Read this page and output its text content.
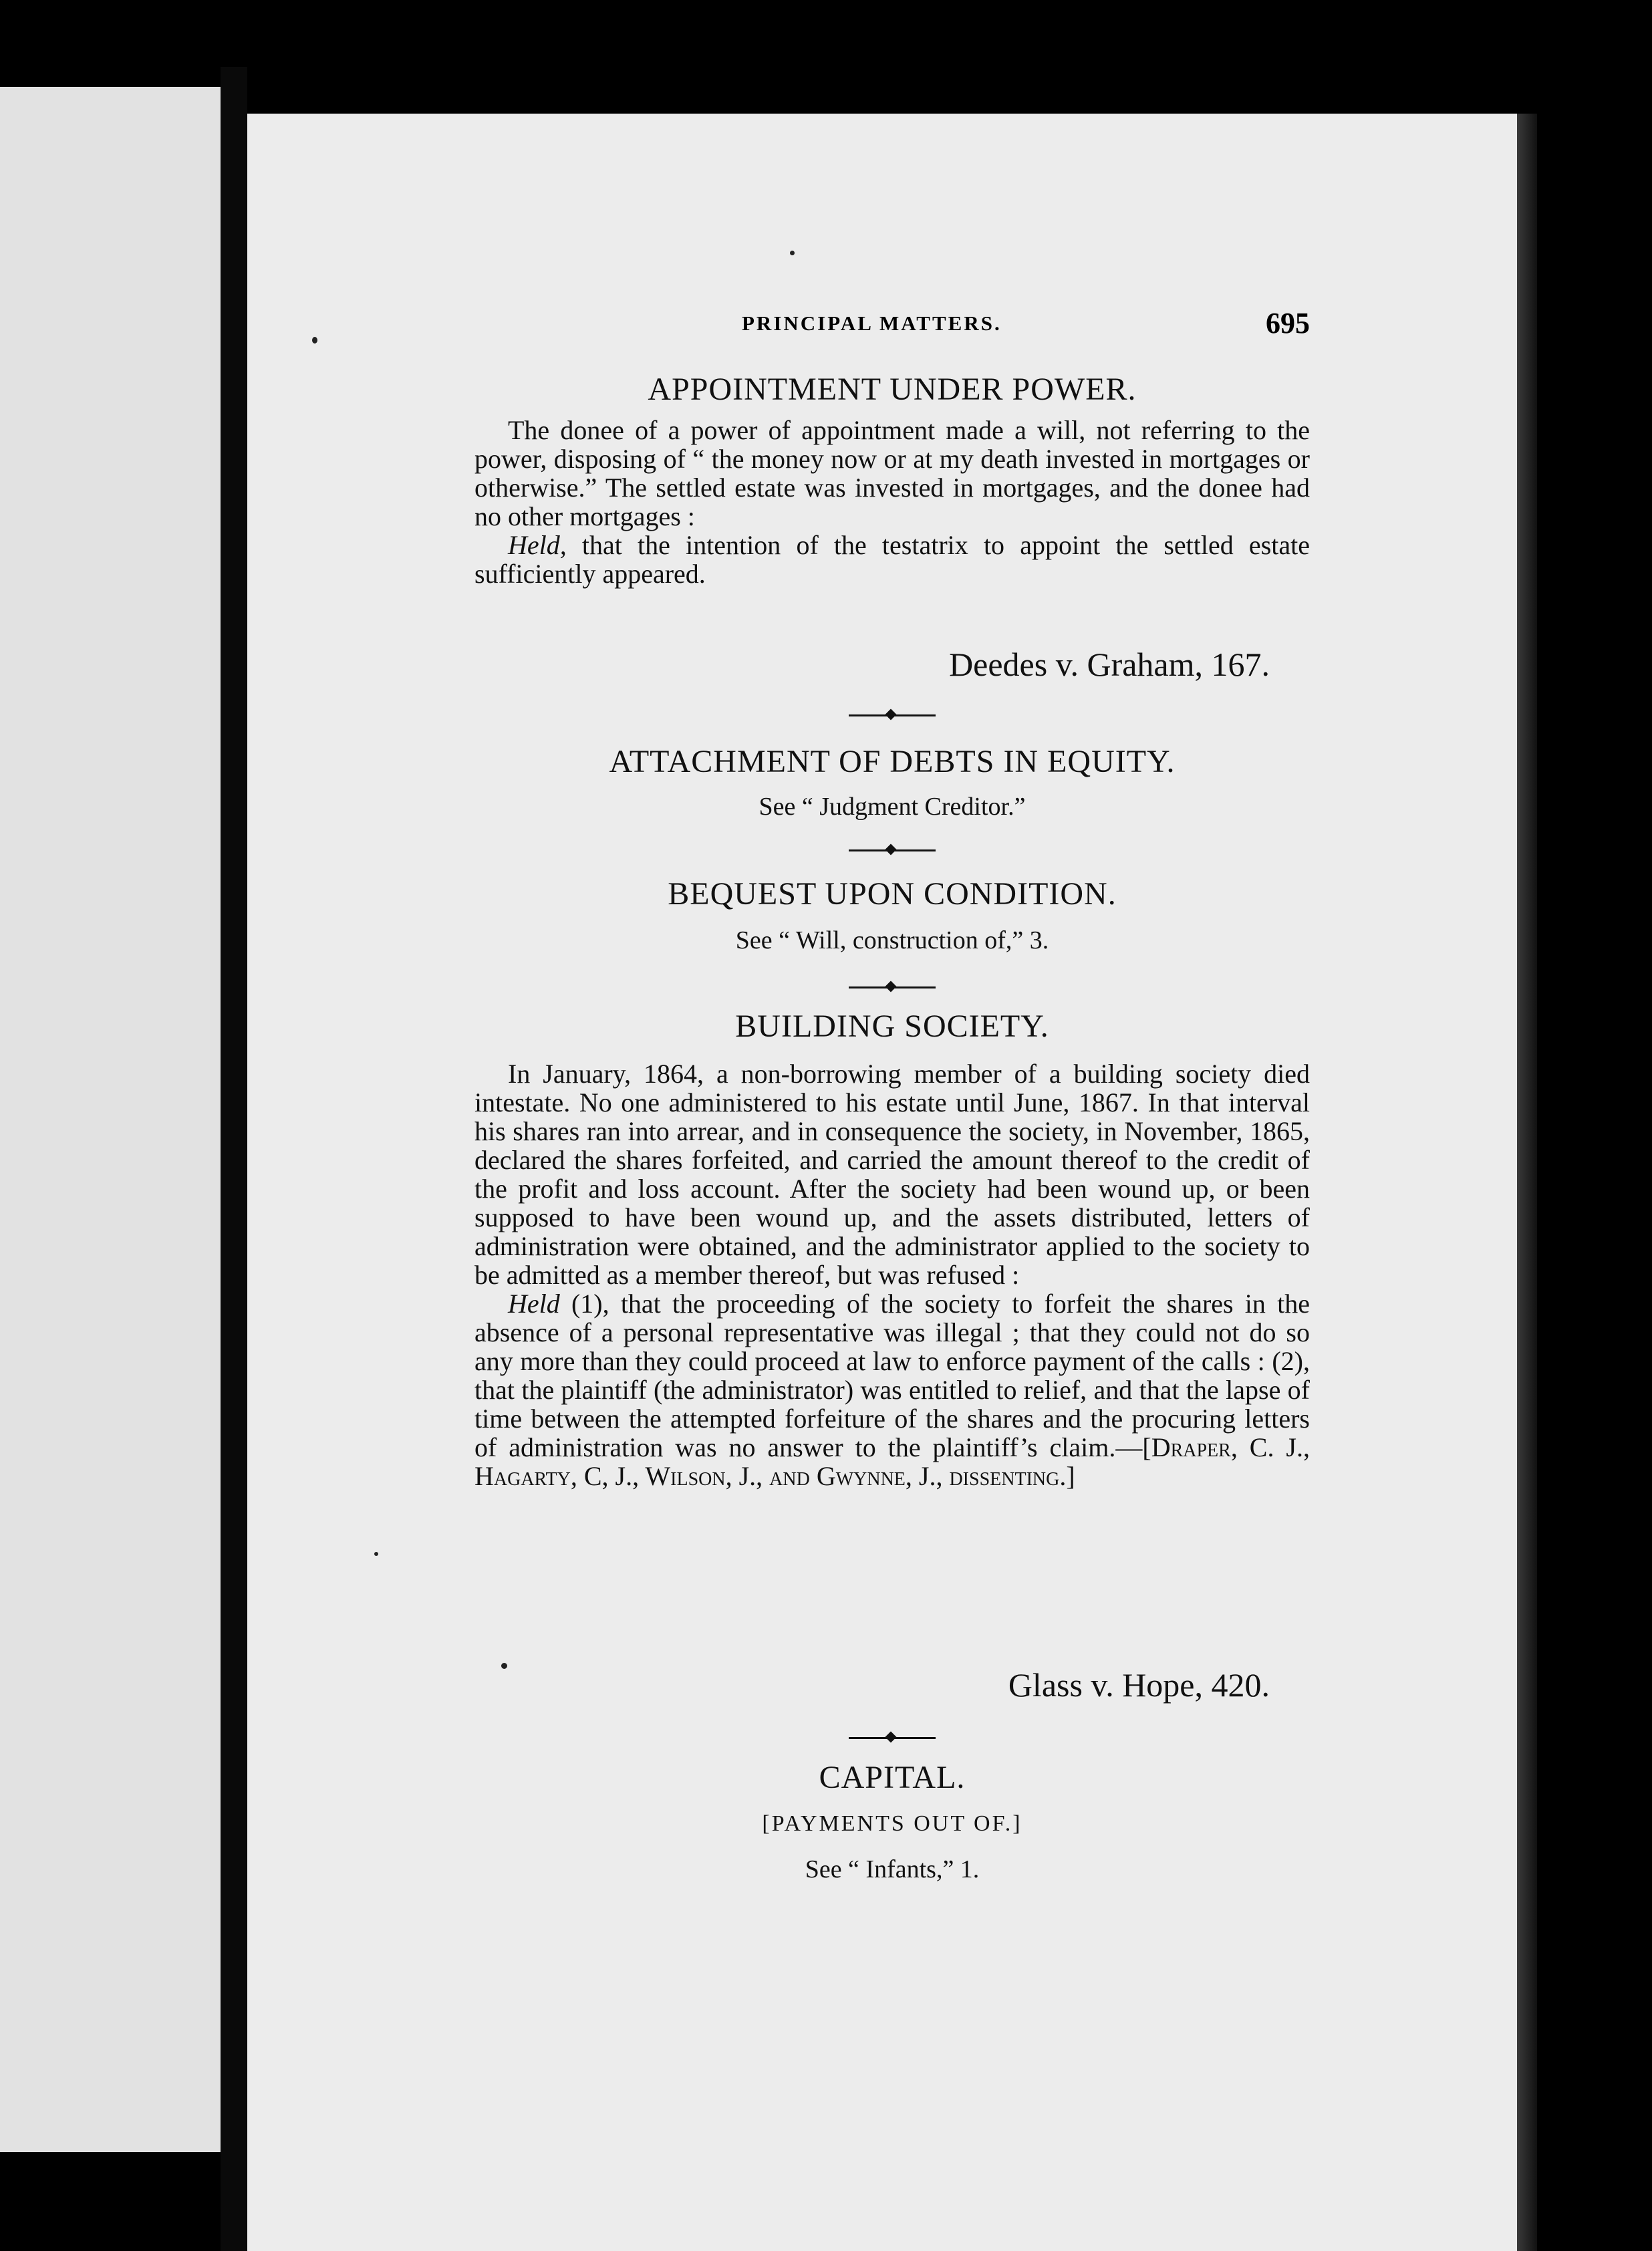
PRINCIPAL MATTERS.	695
APPOINTMENT UNDER POWER.

The donee of a power of appointment made a will, not referring to the power, disposing of “ the money now or at my death invested in mortgages or otherwise.” The settled estate was invested in mortgages, and the donee had no other mortgages :

Held, that the intention of the testatrix to appoint the settled estate sufficiently appeared.

Deedes v. Graham, 167.
ATTACHMENT OF DEBTS IN EQUITY.
See “ Judgment Creditor.”
BEQUEST UPON CONDITION.
See “ Will, construction of,” 3.
BUILDING SOCIETY.

In January, 1864, a non-borrowing member of a building society died intestate. No one administered to his estate until June, 1867. In that interval his shares ran into arrear, and in consequence the society, in November, 1865, declared the shares forfeited, and carried the amount thereof to the credit of the profit and loss account. After the society had been wound up, or been supposed to have been wound up, and the assets distributed, letters of administration were obtained, and the administrator applied to the society to be admitted as a member thereof, but was refused :

Held (1), that the proceeding of the society to forfeit the shares in the absence of a personal representative was illegal ; that they could not do so any more than they could proceed at law to enforce payment of the calls : (2), that the plaintiff (the administrator) was entitled to relief, and that the lapse of time between the attempted forfeiture of the shares and the procuring letters of administration was no answer to the plaintiff’s claim.—[Draper, C. J., Hagarty, C, J., Wilson, J., and Gwynne, J., dissenting.]

Glass v. Hope, 420.
CAPITAL.
[PAYMENTS OUT OF.]
See “ Infants,” 1.
